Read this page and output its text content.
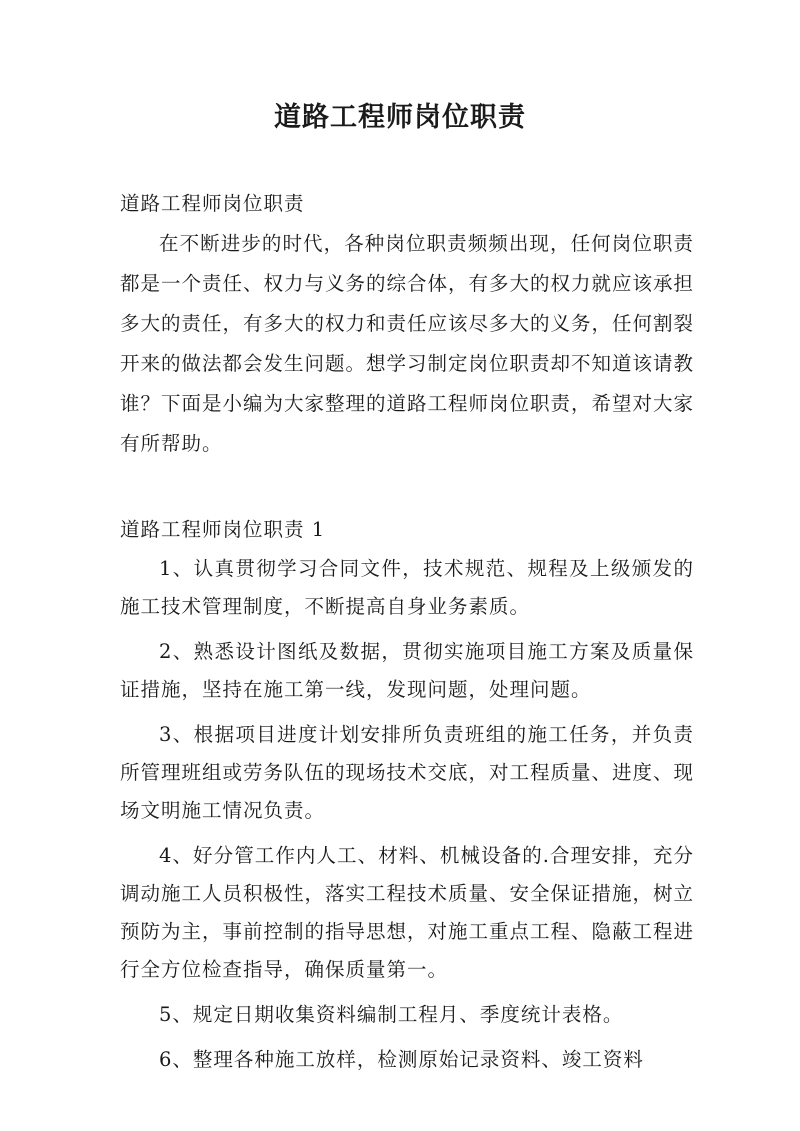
道路工程师岗位职责

道路工程师岗位职责

在不断进步的时代，各种岗位职责频频出现，任何岗位职责都是一个责任、权力与义务的综合体，有多大的权力就应该承担多大的责任，有多大的权力和责任应该尽多大的义务，任何割裂开来的做法都会发生问题。想学习制定岗位职责却不知道该请教谁？下面是小编为大家整理的道路工程师岗位职责，希望对大家有所帮助。

道路工程师岗位职责 1

1、认真贯彻学习合同文件，技术规范、规程及上级颁发的施工技术管理制度，不断提高自身业务素质。

2、熟悉设计图纸及数据，贯彻实施项目施工方案及质量保证措施，坚持在施工第一线，发现问题，处理问题。

3、根据项目进度计划安排所负责班组的施工任务，并负责所管理班组或劳务队伍的现场技术交底，对工程质量、进度、现场文明施工情况负责。

4、好分管工作内人工、材料、机械设备的.合理安排，充分调动施工人员积极性，落实工程技术质量、安全保证措施，树立预防为主，事前控制的指导思想，对施工重点工程、隐蔽工程进行全方位检查指导，确保质量第一。

5、规定日期收集资料编制工程月、季度统计表格。

6、整理各种施工放样，检测原始记录资料、竣工资料
